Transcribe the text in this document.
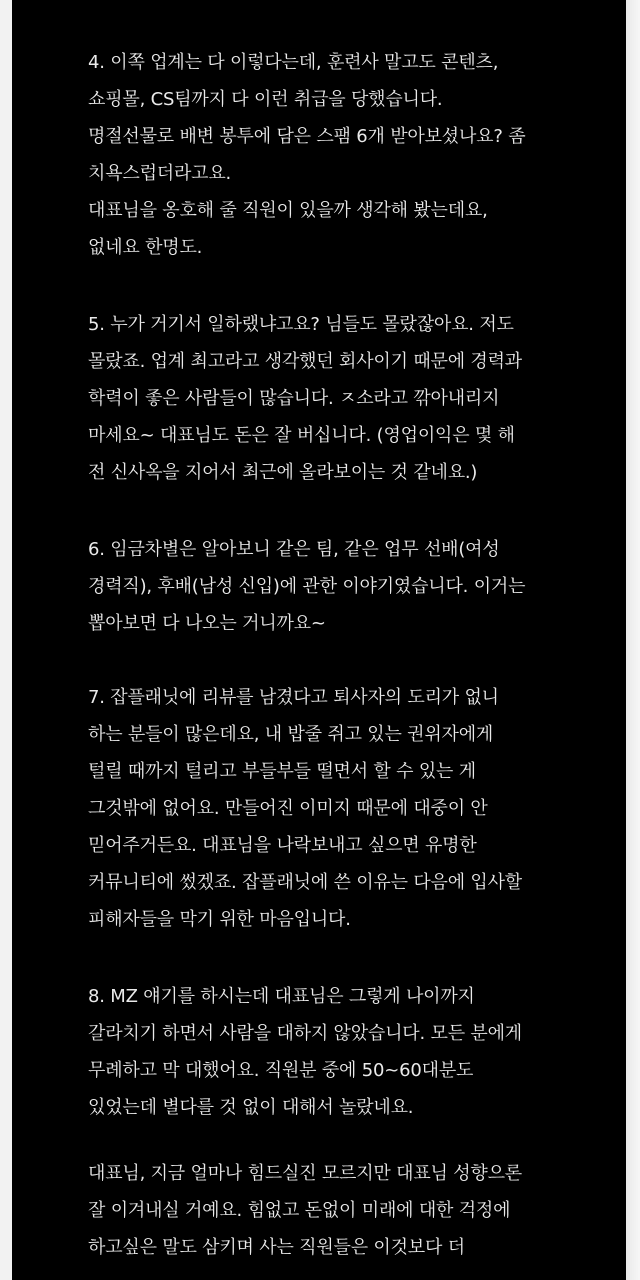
4. 이쪽 업계는 다 이렇다는데, 훈련사 말고도 콘텐츠,
쇼핑몰, CS팀까지 다 이런 취급을 당했습니다.
명절선물로 배변 봉투에 담은 스팸 6개 받아보셨나요? 좀
치욕스럽더라고요.
대표님을 옹호해 줄 직원이 있을까 생각해 봤는데요,
없네요 한명도.
5. 누가 거기서 일하랬냐고요? 님들도 몰랐잖아요. 저도
몰랐죠. 업계 최고라고 생각했던 회사이기 때문에 경력과
학력이 좋은 사람들이 많습니다. ㅈ소라고 깎아내리지
마세요~ 대표님도 돈은 잘 버십니다. (영업이익은 몇 해
전 신사옥을 지어서 최근에 올라보이는 것 같네요.)
6. 임금차별은 알아보니 같은 팀, 같은 업무 선배(여성
경력직), 후배(남성 신입)에 관한 이야기였습니다. 이거는
뽑아보면 다 나오는 거니까요~
7. 잡플래닛에 리뷰를 남겼다고 퇴사자의 도리가 없니
하는 분들이 많은데요, 내 밥줄 쥐고 있는 권위자에게
털릴 때까지 털리고 부들부들 떨면서 할 수 있는 게
그것밖에 없어요. 만들어진 이미지 때문에 대중이 안
믿어주거든요. 대표님을 나락보내고 싶으면 유명한
커뮤니티에 썼겠죠. 잡플래닛에 쓴 이유는 다음에 입사할
피해자들을 막기 위한 마음입니다.
8. MZ 얘기를 하시는데 대표님은 그렇게 나이까지
갈라치기 하면서 사람을 대하지 않았습니다. 모든 분에게
무례하고 막 대했어요. 직원분 중에 50~60대분도
있었는데 별다를 것 없이 대해서 놀랐네요.
대표님, 지금 얼마나 힘드실진 모르지만 대표님 성향으론
잘 이겨내실 거예요. 힘없고 돈없이 미래에 대한 걱정에
하고싶은 말도 삼키며 사는 직원들은 이것보다 더
